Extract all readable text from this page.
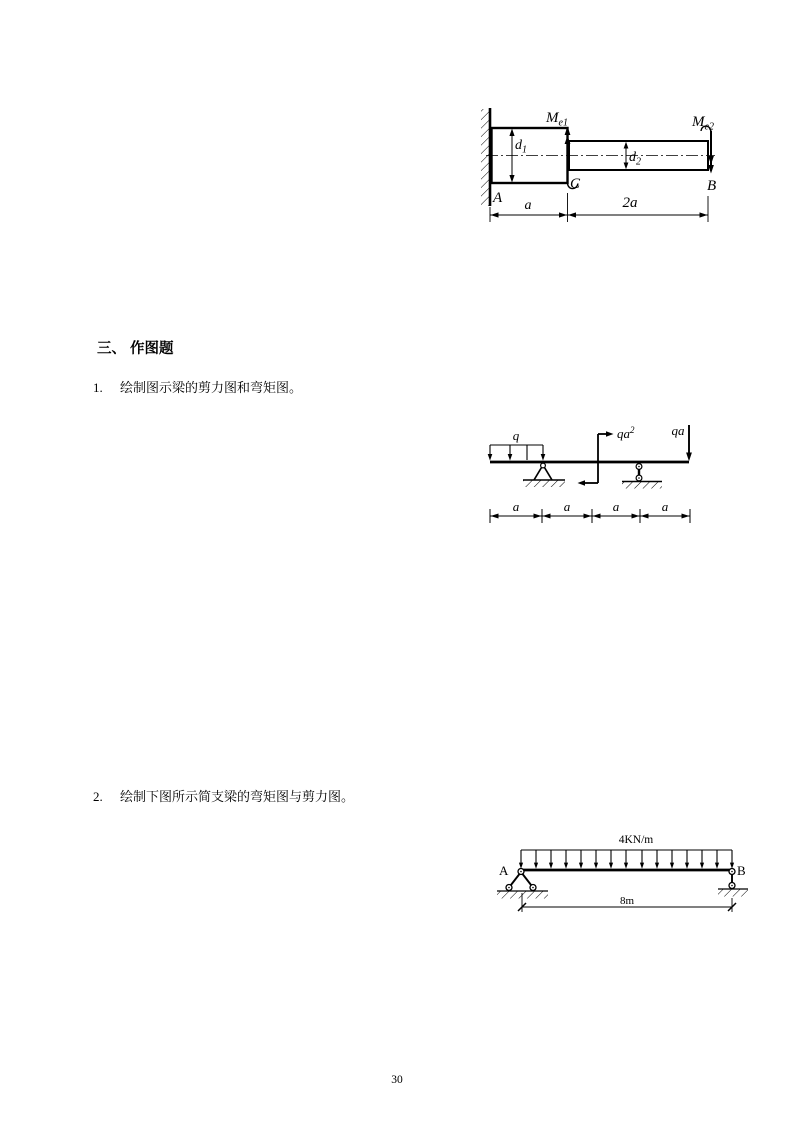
$d_1$	$d_2$
$M_{e1}$
C
$M_{e2}$
B
A a	2a
三、 作图题
1. 绘制图示梁的剪力图和弯矩图。
q	$qa^2$	qa
a	a	a	a
2. 绘制下图所示简支梁的弯矩图与剪力图。
4KN/m
A	B
8m
30
